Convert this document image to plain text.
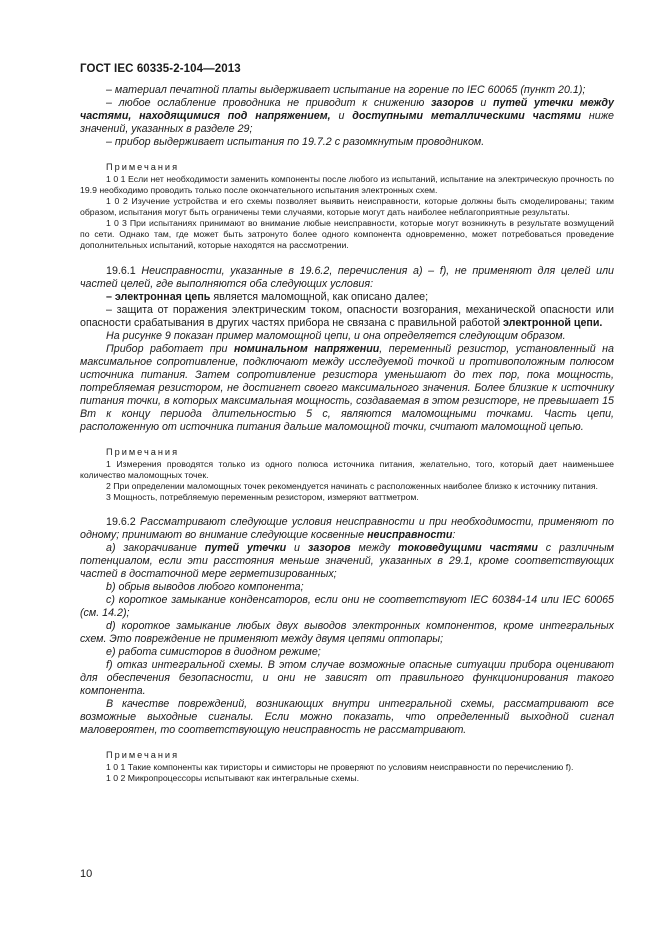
ГОСТ IEC 60335-2-104—2013

– материал печатной платы выдерживает испытание на горение по IEC 60065 (пункт 20.1);

– любое ослабление проводника не приводит к снижению зазоров и путей утечки между частями, находящимися под напряжением, и доступными металлическими частями ниже значений, указанных в разделе 29;

– прибор выдерживает испытания по 19.7.2 с разомкнутым проводником.

Примечания

1 0 1 Если нет необходимости заменить компоненты после любого из испытаний, испытание на электрическую прочность по 19.9 необходимо проводить только после окончательного испытания электронных схем.

1 0 2 Изучение устройства и его схемы позволяет выявить неисправности, которые должны быть смоделированы; таким образом, испытания могут быть ограничены теми случаями, которые могут дать наиболее неблагоприятные результаты.

1 0 3 При испытаниях принимают во внимание любые неисправности, которые могут возникнуть в результате возмущений по сети. Однако там, где может быть затронуто более одного компонента одновременно, может потребоваться проведение дополнительных испытаний, которые находятся на рассмотрении.

19.6.1 Неисправности, указанные в 19.6.2, перечисления а) – f), не применяют для целей или частей целей, где выполняются оба следующих условия:

– электронная цепь является маломощной, как описано далее;

– защита от поражения электрическим током, опасности возгорания, механической опасности или опасности срабатывания в других частях прибора не связана с правильной работой электронной цепи.

На рисунке 9 показан пример маломощной цепи, и она определяется следующим образом.

Прибор работает при номинальном напряжении, переменный резистор, установленный на максимальное сопротивление, подключают между исследуемой точкой и противоположным полюсом источника питания. Затем сопротивление резистора уменьшают до тех пор, пока мощность, потребляемая резистором, не достигнет своего максимального значения. Более близкие к источнику питания точки, в которых максимальная мощность, создаваемая в этом резисторе, не превышает 15 Вт к концу периода длительностью 5 с, являются маломощными точками. Часть цепи, расположенную от источника питания дальше маломощной точки, считают маломощной цепью.

Примечания

1 Измерения проводятся только из одного полюса источника питания, желательно, того, который дает наименьшее количество маломощных точек.

2 При определении маломощных точек рекомендуется начинать с расположенных наиболее близко к источнику питания.

3 Мощность, потребляемую переменным резистором, измеряют ваттметром.

19.6.2 Рассматривают следующие условия неисправности и при необходимости, применяют по одному; принимают во внимание следующие косвенные неисправности:

а) закорачивание путей утечки и зазоров между токоведущими частями с различным потенциалом, если эти расстояния меньше значений, указанных в 29.1, кроме соответствующих частей в достаточной мере герметизированных;

b) обрыв выводов любого компонента;

c) короткое замыкание конденсаторов, если они не соответствуют IEC 60384-14 или IEC 60065 (см. 14.2);

d) короткое замыкание любых двух выводов электронных компонентов, кроме интегральных схем. Это повреждение не применяют между двумя цепями оптопары;

e) работа симисторов в диодном режиме;

f) отказ интегральной схемы. В этом случае возможные опасные ситуации прибора оценивают для обеспечения безопасности, и они не зависят от правильного функционирования такого компонента.

В качестве повреждений, возникающих внутри интегральной схемы, рассматривают все возможные выходные сигналы. Если можно показать, что определенный выходной сигнал маловероятен, то соответствующую неисправность не рассматривают.

Примечания

1 0 1 Такие компоненты как тиристоры и симисторы не проверяют по условиям неисправности по перечислению f).

1 0 2 Микропроцессоры испытывают как интегральные схемы.

10
